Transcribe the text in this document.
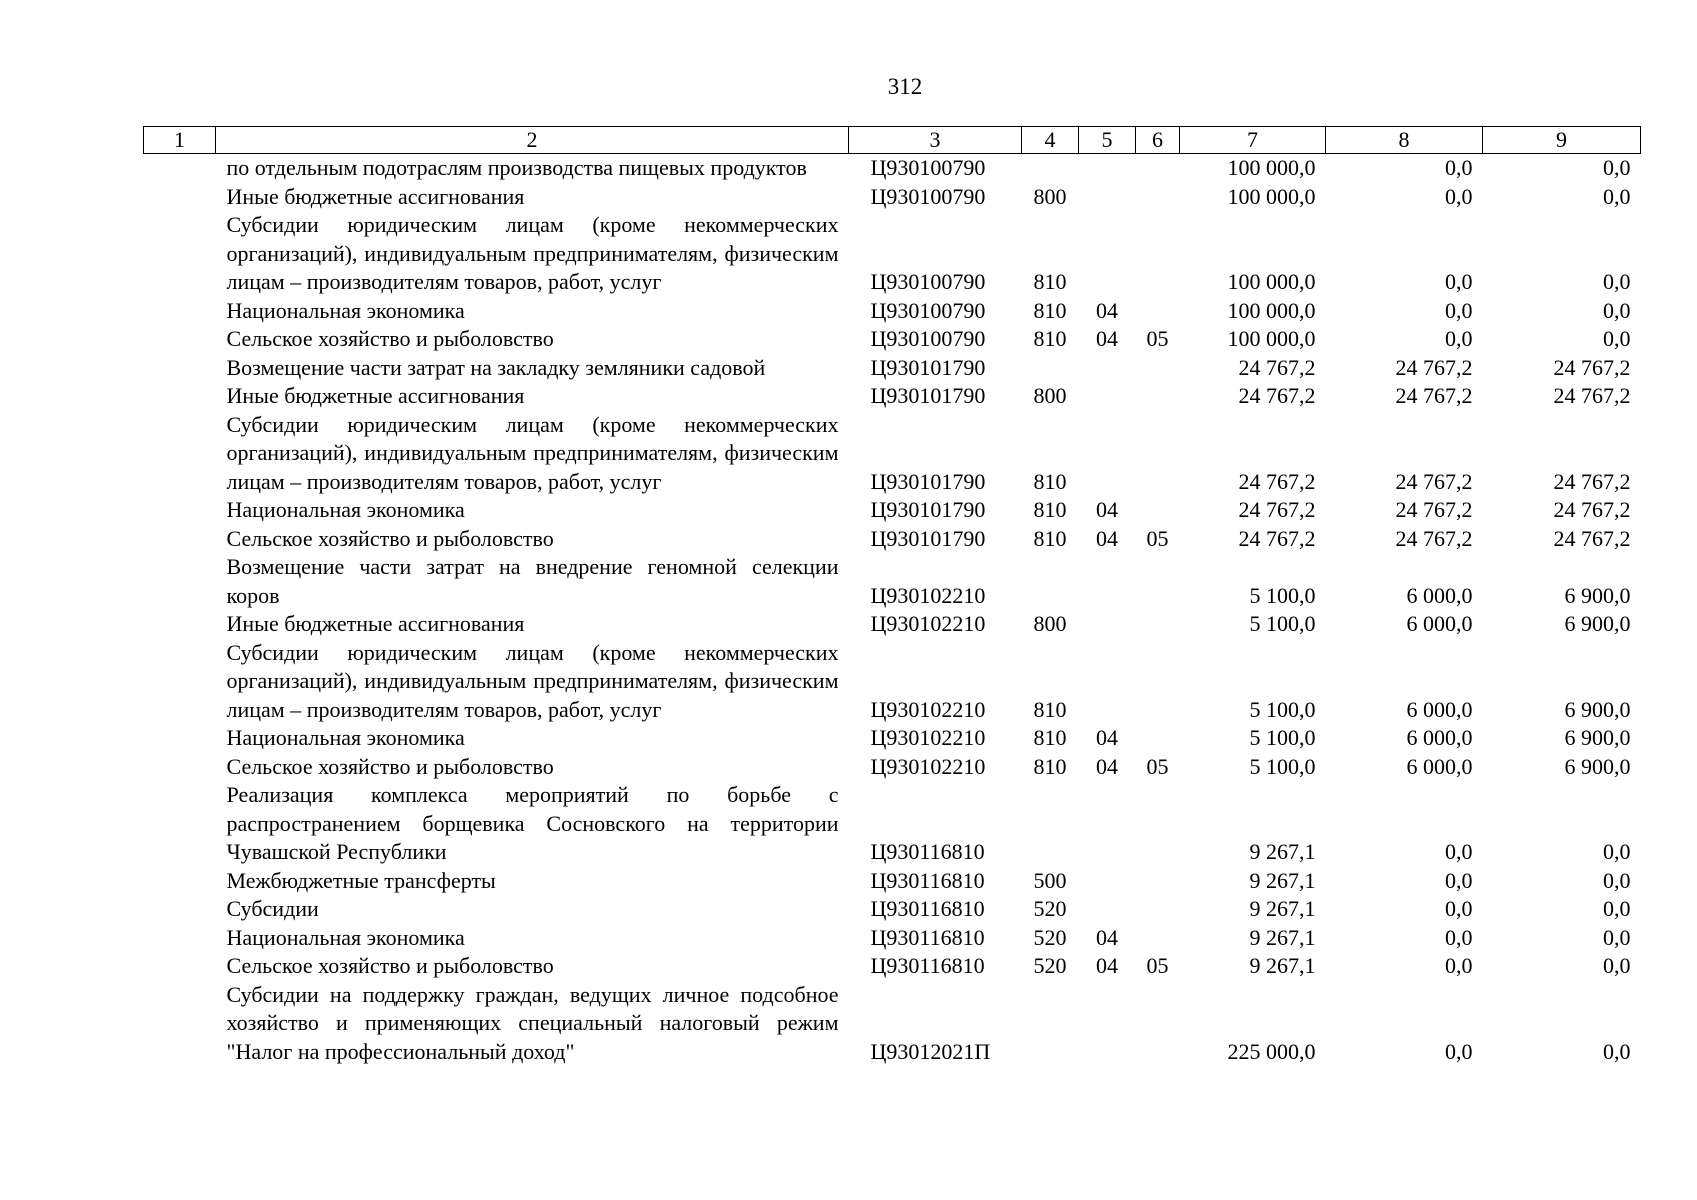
312
1	2	3	4	5	6	7	8	9
	по отдельным подотраслям производства пищевых продуктов	Ц930100790				100 000,0	0,0	0,0
	Иные бюджетные ассигнования	Ц930100790	800			100 000,0	0,0	0,0
	Субсидии юридическим лицам (кроме некоммерческих организаций), индивидуальным предпринимателям, физическим лицам – производителям товаров, работ, услуг	Ц930100790	810			100 000,0	0,0	0,0
	Национальная экономика	Ц930100790	810	04		100 000,0	0,0	0,0
	Сельское хозяйство и рыболовство	Ц930100790	810	04	05	100 000,0	0,0	0,0
	Возмещение части затрат на закладку земляники садовой	Ц930101790				24 767,2	24 767,2	24 767,2
	Иные бюджетные ассигнования	Ц930101790	800			24 767,2	24 767,2	24 767,2
	Субсидии юридическим лицам (кроме некоммерческих организаций), индивидуальным предпринимателям, физическим лицам – производителям товаров, работ, услуг	Ц930101790	810			24 767,2	24 767,2	24 767,2
	Национальная экономика	Ц930101790	810	04		24 767,2	24 767,2	24 767,2
	Сельское хозяйство и рыболовство	Ц930101790	810	04	05	24 767,2	24 767,2	24 767,2
	Возмещение части затрат на внедрение геномной селекции коров	Ц930102210				5 100,0	6 000,0	6 900,0
	Иные бюджетные ассигнования	Ц930102210	800			5 100,0	6 000,0	6 900,0
	Субсидии юридическим лицам (кроме некоммерческих организаций), индивидуальным предпринимателям, физическим лицам – производителям товаров, работ, услуг	Ц930102210	810			5 100,0	6 000,0	6 900,0
	Национальная экономика	Ц930102210	810	04		5 100,0	6 000,0	6 900,0
	Сельское хозяйство и рыболовство	Ц930102210	810	04	05	5 100,0	6 000,0	6 900,0
	Реализация комплекса мероприятий по борьбе с распространением борщевика Сосновского на территории Чувашской Республики	Ц930116810				9 267,1	0,0	0,0
	Межбюджетные трансферты	Ц930116810	500			9 267,1	0,0	0,0
	Субсидии	Ц930116810	520			9 267,1	0,0	0,0
	Национальная экономика	Ц930116810	520	04		9 267,1	0,0	0,0
	Сельское хозяйство и рыболовство	Ц930116810	520	04	05	9 267,1	0,0	0,0
	Субсидии на поддержку граждан, ведущих личное подсобное хозяйство и применяющих специальный налоговый режим "Налог на профессиональный доход"	Ц93012021П				225 000,0	0,0	0,0
